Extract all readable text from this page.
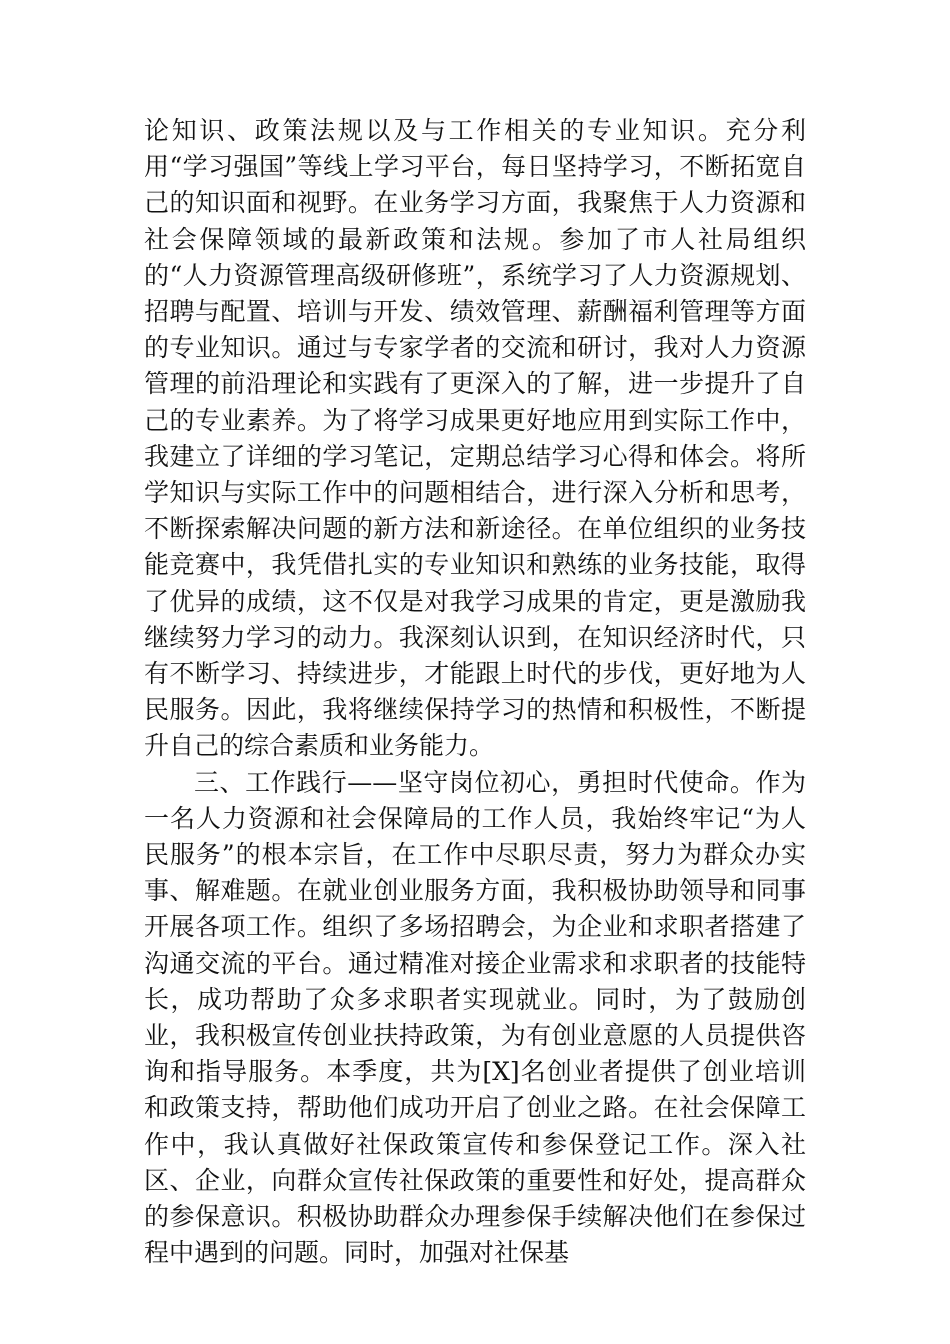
论知识、政策法规以及与工作相关的专业知识。充分利用“学习强国”等线上学习平台，每日坚持学习，不断拓宽自己的知识面和视野。在业务学习方面，我聚焦于人力资源和社会保障领域的最新政策和法规。参加了市人社局组织的“人力资源管理高级研修班”，系统学习了人力资源规划、招聘与配置、培训与开发、绩效管理、薪酬福利管理等方面的专业知识。通过与专家学者的交流和研讨，我对人力资源管理的前沿理论和实践有了更深入的了解，进一步提升了自己的专业素养。为了将学习成果更好地应用到实际工作中，我建立了详细的学习笔记，定期总结学习心得和体会。将所学知识与实际工作中的问题相结合，进行深入分析和思考，不断探索解决问题的新方法和新途径。在单位组织的业务技能竞赛中，我凭借扎实的专业知识和熟练的业务技能，取得了优异的成绩，这不仅是对我学习成果的肯定，更是激励我继续努力学习的动力。我深刻认识到，在知识经济时代，只有不断学习、持续进步，才能跟上时代的步伐，更好地为人民服务。因此，我将继续保持学习的热情和积极性，不断提升自己的综合素质和业务能力。

三、工作践行——坚守岗位初心，勇担时代使命。作为一名人力资源和社会保障局的工作人员，我始终牢记“为人民服务”的根本宗旨，在工作中尽职尽责，努力为群众办实事、解难题。在就业创业服务方面，我积极协助领导和同事开展各项工作。组织了多场招聘会，为企业和求职者搭建了沟通交流的平台。通过精准对接企业需求和求职者的技能特长，成功帮助了众多求职者实现就业。同时，为了鼓励创业，我积极宣传创业扶持政策，为有创业意愿的人员提供咨询和指导服务。本季度，共为[X]名创业者提供了创业培训和政策支持，帮助他们成功开启了创业之路。在社会保障工作中，我认真做好社保政策宣传和参保登记工作。深入社区、企业，向群众宣传社保政策的重要性和好处，提高群众的参保意识。积极协助群众办理参保手续解决他们在参保过程中遇到的问题。同时，加强对社保基
